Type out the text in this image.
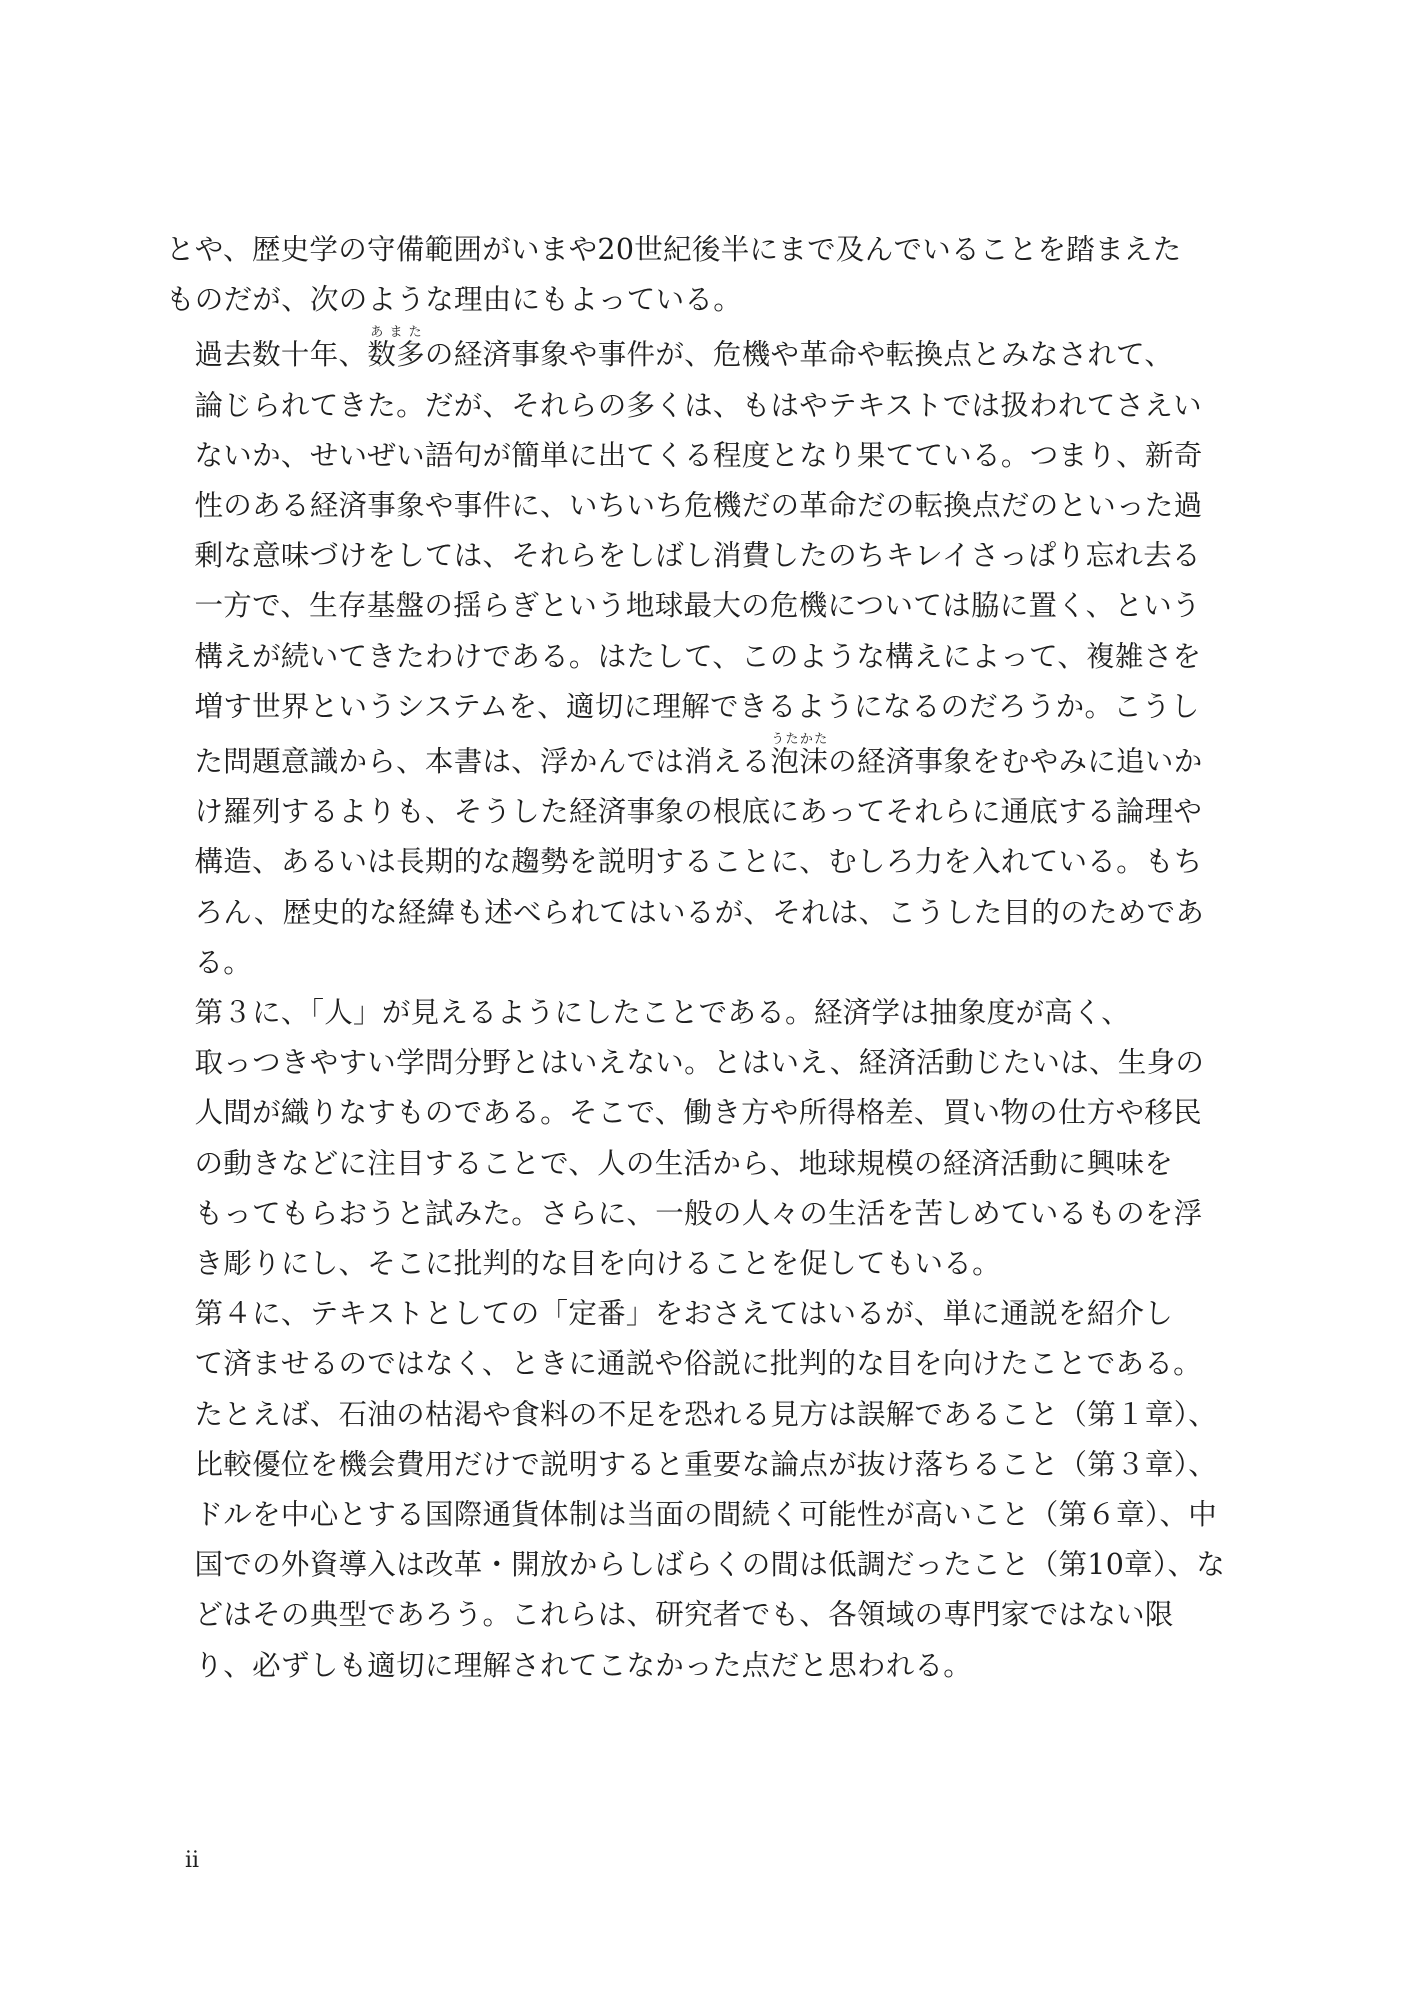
とや、歴史学の守備範囲がいまや20世紀後半にまで及んでいることを踏まえた
ものだが、次のような理由にもよっている。

過去数十年、数多あまたの経済事象や事件が、危機や革命や転換点とみなされて、
論じられてきた。だが、それらの多くは、もはやテキストでは扱われてさえい
ないか、せいぜい語句が簡単に出てくる程度となり果てている。つまり、新奇
性のある経済事象や事件に、いちいち危機だの革命だの転換点だのといった過
剰な意味づけをしては、それらをしばし消費したのちキレイさっぱり忘れ去る
一方で、生存基盤の揺らぎという地球最大の危機については脇に置く、という
構えが続いてきたわけである。はたして、このような構えによって、複雑さを
増す世界というシステムを、適切に理解できるようになるのだろうか。こうし
た問題意識から、本書は、浮かんでは消える泡沫うたかたの経済事象をむやみに追いか
け羅列するよりも、そうした経済事象の根底にあってそれらに通底する論理や
構造、あるいは長期的な趨勢を説明することに、むしろ力を入れている。もち
ろん、歴史的な経緯も述べられてはいるが、それは、こうした目的のためであ
る。

第３に、「人」が見えるようにしたことである。経済学は抽象度が高く、
取っつきやすい学問分野とはいえない。とはいえ、経済活動じたいは、生身の
人間が織りなすものである。そこで、働き方や所得格差、買い物の仕方や移民
の動きなどに注目することで、人の生活から、地球規模の経済活動に興味を
もってもらおうと試みた。さらに、一般の人々の生活を苦しめているものを浮
き彫りにし、そこに批判的な目を向けることを促してもいる。

第４に、テキストとしての「定番」をおさえてはいるが、単に通説を紹介し
て済ませるのではなく、ときに通説や俗説に批判的な目を向けたことである。
たとえば、石油の枯渇や食料の不足を恐れる見方は誤解であること（第１章）、
比較優位を機会費用だけで説明すると重要な論点が抜け落ちること（第３章）、
ドルを中心とする国際通貨体制は当面の間続く可能性が高いこと（第６章）、中
国での外資導入は改革・開放からしばらくの間は低調だったこと（第10章）、な
どはその典型であろう。これらは、研究者でも、各領域の専門家ではない限
り、必ずしも適切に理解されてこなかった点だと思われる。

ii
